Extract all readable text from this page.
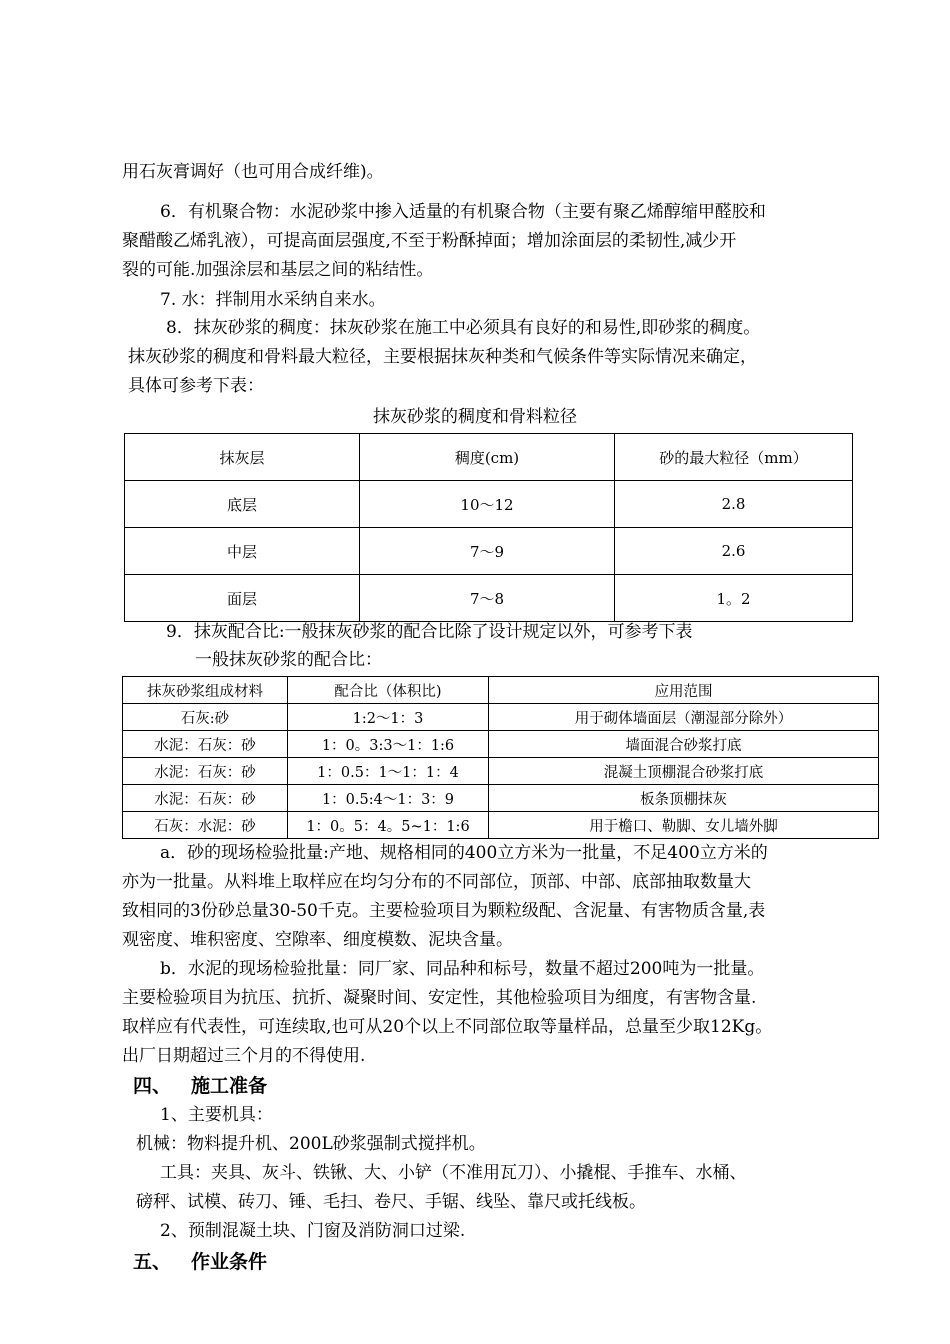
用石灰膏调好（也可用合成纤维)。
6．有机聚合物：水泥砂浆中掺入适量的有机聚合物（主要有聚乙烯醇缩甲醛胶和
聚醋酸乙烯乳液），可提高面层强度,不至于粉酥掉面；增加涂面层的柔韧性,减少开
裂的可能.加强涂层和基层之间的粘结性。
7. 水：拌制用水采纳自来水。
8．抹灰砂浆的稠度：抹灰砂浆在施工中必须具有良好的和易性,即砂浆的稠度。
抹灰砂浆的稠度和骨料最大粒径，主要根据抹灰种类和气候条件等实际情况来确定，
具体可参考下表：
抹灰砂浆的稠度和骨料粒径
抹灰层	稠度(cm)	砂的最大粒径（mm）
底层	10～12	2.8
中层	7～9	2.6
面层	7～8	1。2
9．抹灰配合比:一般抹灰砂浆的配合比除了设计规定以外，可参考下表
一般抹灰砂浆的配合比：
抹灰砂浆组成材料	配合比（体积比)	应用范围
石灰:砂	1:2～1：3	用于砌体墙面层（潮湿部分除外）
水泥：石灰：砂	1：0。3:3～1：1:6	墙面混合砂浆打底
水泥：石灰：砂	1：0.5：1～1：1：4	混凝土顶棚混合砂浆打底
水泥：石灰：砂	1：0.5:4～1：3：9	板条顶棚抹灰
石灰：水泥：砂	1：0。5：4。5~1：1:6	用于檐口、勒脚、女儿墙外脚
a．砂的现场检验批量:产地、规格相同的400立方米为一批量，不足400立方米的
亦为一批量。从料堆上取样应在均匀分布的不同部位，顶部、中部、底部抽取数量大
致相同的3份砂总量30-50千克。主要检验项目为颗粒级配、含泥量、有害物质含量,表
观密度、堆积密度、空隙率、细度模数、泥块含量。
b．水泥的现场检验批量：同厂家、同品种和标号，数量不超过200吨为一批量。
主要检验项目为抗压、抗折、凝聚时间、安定性，其他检验项目为细度，有害物含量.
取样应有代表性，可连续取,也可从20个以上不同部位取等量样品，总量至少取12Kg。
出厂日期超过三个月的不得使用.
四、 施工准备
1、主要机具：
机械：物料提升机、200L砂浆强制式搅拌机。
工具：夹具、灰斗、铁锹、大、小铲（不准用瓦刀）、小撬棍、手推车、水桶、
磅秤、试模、砖刀、锤、毛扫、卷尺、手锯、线坠、靠尺或托线板。
2、预制混凝土块、门窗及消防洞口过梁.
五、 作业条件
